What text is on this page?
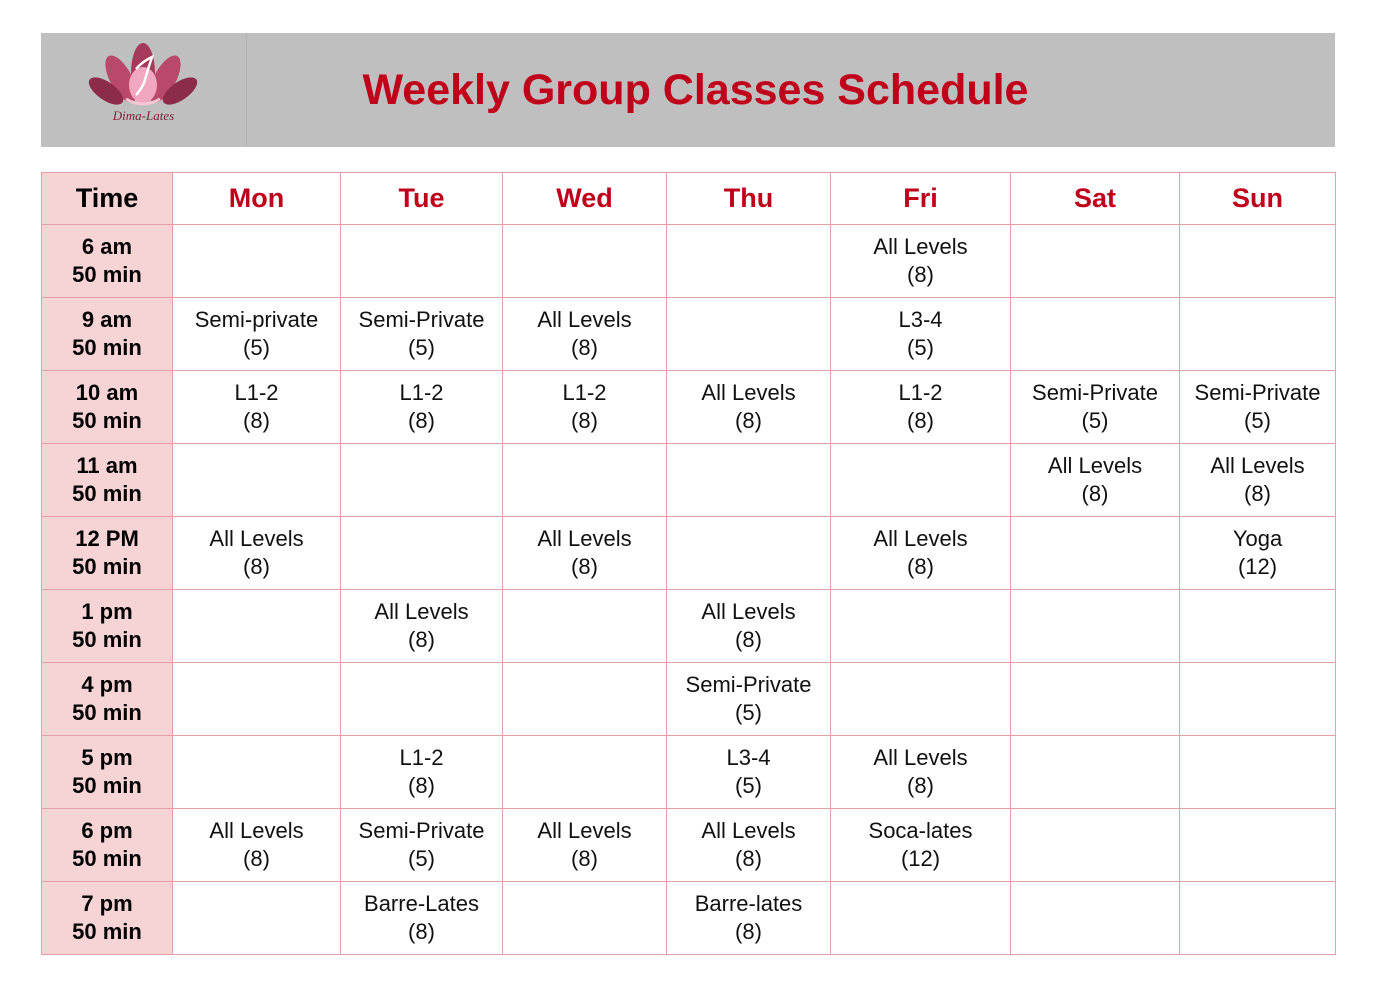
Dima-Lates
Weekly Group Classes Schedule
Time	Mon	Tue	Wed	Thu	Fri	Sat	Sun

6 am
50 min					All Levels
(8)		

9 am
50 min	Semi-private
(5)	Semi-Private
(5)	All Levels
(8)		L3-4
(5)		

10 am
50 min	L1-2
(8)	L1-2
(8)	L1-2
(8)	All Levels
(8)	L1-2
(8)	Semi-Private
(5)	Semi-Private
(5)

11 am
50 min						All Levels
(8)	All Levels
(8)

12 PM
50 min	All Levels
(8)		All Levels
(8)		All Levels
(8)		Yoga
(12)

1 pm
50 min		All Levels
(8)		All Levels
(8)			

4 pm
50 min				Semi-Private
(5)			

5 pm
50 min		L1-2
(8)		L3-4
(5)	All Levels
(8)		

6 pm
50 min	All Levels
(8)	Semi-Private
(5)	All Levels
(8)	All Levels
(8)	Soca-lates
(12)		

7 pm
50 min		Barre-Lates
(8)		Barre-lates
(8)			
